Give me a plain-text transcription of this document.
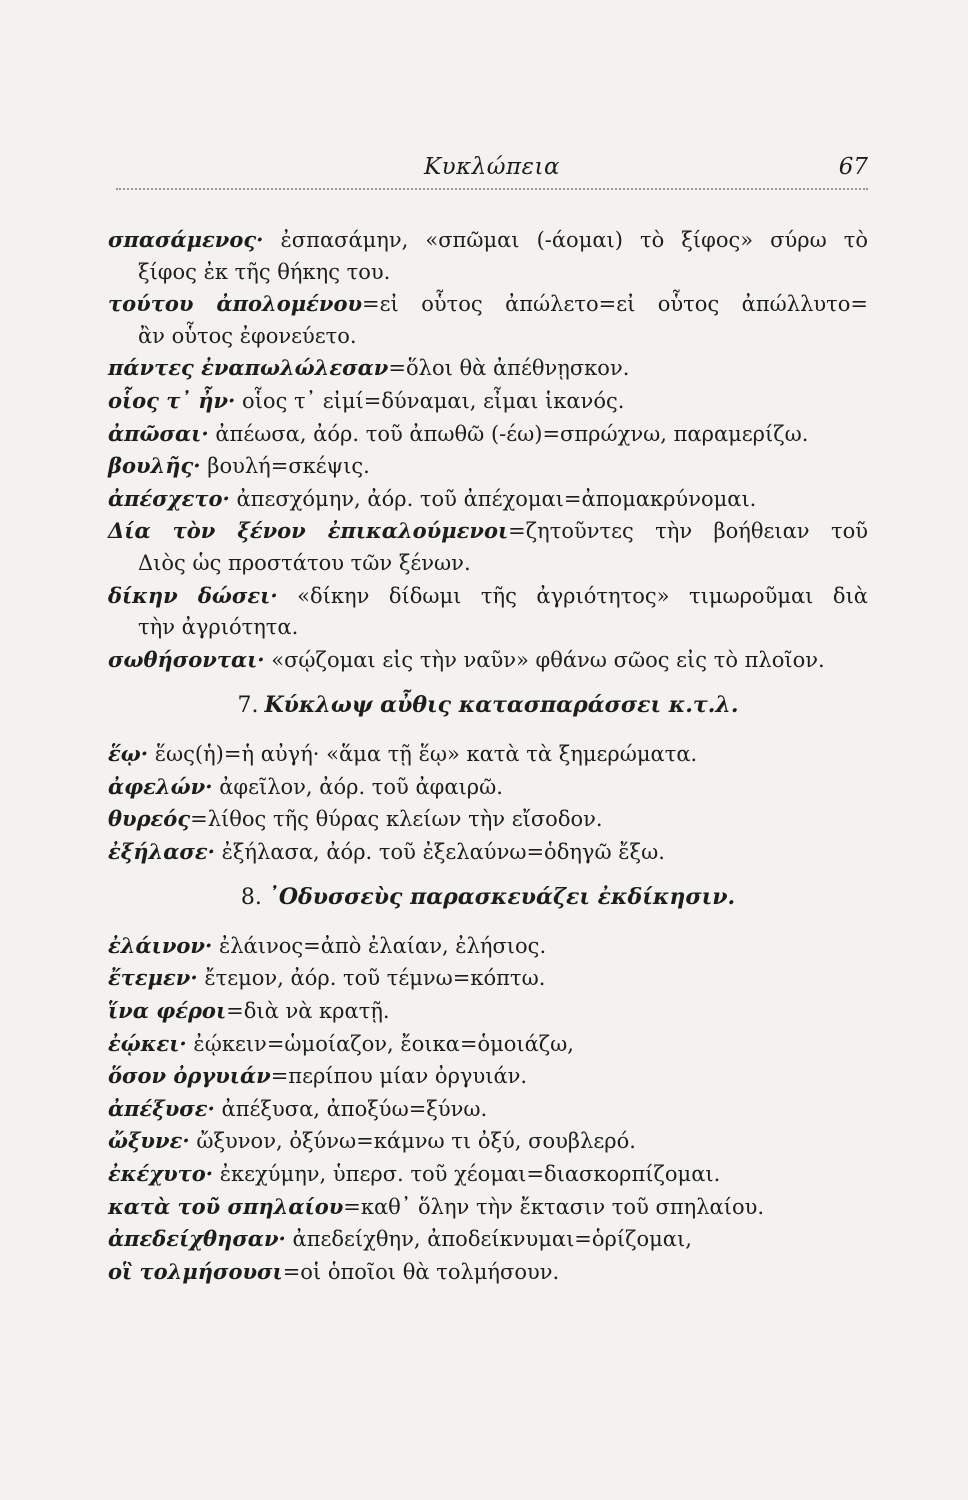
Κυκλώπεια	67

σπασάμενος· ἐσπασάμην, «σπῶμαι (-άομαι) τὸ ξίφος» σύρω τὸ
ξίφος ἐκ τῆς θήκης του.

τούτου ἀπολομένου=εἰ οὗτος ἀπώλετο=εἰ οὗτος ἀπώλλυτο=
ἂν οὗτος ἐφονεύετο.

πάντες ἐναπωλώλεσαν=ὅλοι θὰ ἀπέθνῃσκον.

οἷος τ᾽ ἦν· οἷος τ᾽ εἰμί=δύναμαι, εἶμαι ἱκανός.

ἀπῶσαι· ἀπέωσα, ἀόρ. τοῦ ἀπωθῶ (-έω)=σπρώχνω, παραμερίζω.

βουλῆς· βουλή=σκέψις.

ἀπέσχετο· ἀπεσχόμην, ἀόρ. τοῦ ἀπέχομαι=ἀπομακρύνομαι.

Δία τὸν ξένον ἐπικαλούμενοι=ζητοῦντες τὴν βοήθειαν τοῦ
Διὸς ὡς προστάτου τῶν ξένων.

δίκην δώσει· «δίκην δίδωμι τῆς ἀγριότητος» τιμωροῦμαι διὰ
τὴν ἀγριότητα.

σωθήσονται· «σῴζομαι εἰς τὴν ναῦν» φθάνω σῶος εἰς τὸ πλοῖον.

7. Κύκλωψ αὖθις κατασπαράσσει κ.τ.λ.

ἕῳ· ἕως(ἡ)=ἡ αὐγή· «ἅμα τῇ ἕῳ» κατὰ τὰ ξημερώματα.

ἀφελών· ἀφεῖλον, ἀόρ. τοῦ ἀφαιρῶ.

θυρεός=λίθος τῆς θύρας κλείων τὴν εἴσοδον.

ἐξήλασε· ἐξήλασα, ἀόρ. τοῦ ἐξελαύνω=ὁδηγῶ ἔξω.

8. ᾽Οδυσσεὺς παρασκευάζει ἐκδίκησιν.

ἐλάινον· ἐλάινος=ἀπὸ ἐλαίαν, ἐλήσιος.

ἔτεμεν· ἔτεμον, ἀόρ. τοῦ τέμνω=κόπτω.

ἵνα φέροι=διὰ νὰ κρατῇ.

ἐῴκει· ἐῴκειν=ὡμοίαζον, ἔοικα=ὁμοιάζω,

ὅσον ὀργυιάν=περίπου μίαν ὀργυιάν.

ἀπέξυσε· ἀπέξυσα, ἀποξύω=ξύνω.

ὤξυνε· ὤξυνον, ὀξύνω=κάμνω τι ὀξύ, σουβλερό.

ἐκέχυτο· ἐκεχύμην, ὑπερσ. τοῦ χέομαι=διασκορπίζομαι.

κατὰ τοῦ σπηλαίου=καθ᾽ ὅλην τὴν ἔκτασιν τοῦ σπηλαίου.

ἀπεδείχθησαν· ἀπεδείχθην, ἀποδείκνυμαι=ὁρίζομαι,

οἳ τολμήσουσι=οἱ ὁποῖοι θὰ τολμήσουν.
